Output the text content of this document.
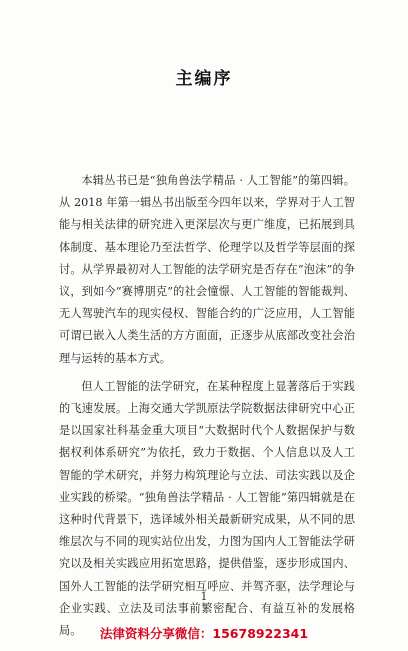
主编序

本辑丛书已是“独角兽法学精品 · 人工智能”的第四辑。从 2018 年第一辑丛书出版至今四年以来，学界对于人工智能与相关法律的研究进入更深层次与更广维度，已拓展到具体制度、基本理论乃至法哲学、伦理学以及哲学等层面的探讨。从学界最初对人工智能的法学研究是否存在“泡沫”的争议，到如今“赛博朋克”的社会憧憬、人工智能的智能裁判、无人驾驶汽车的现实侵权、智能合约的广泛应用，人工智能可谓已嵌入人类生活的方方面面，正逐步从底部改变社会治理与运转的基本方式。

但人工智能的法学研究，在某种程度上显著落后于实践的飞速发展。上海交通大学凯原法学院数据法律研究中心正是以国家社科基金重大项目“大数据时代个人数据保护与数据权利体系研究”为依托，致力于数据、个人信息以及人工智能的学术研究，并努力构筑理论与立法、司法实践以及企业实践的桥梁。“独角兽法学精品 · 人工智能”第四辑就是在这种时代背景下，选译域外相关最新研究成果，从不同的思维层次与不同的现实站位出发，力图为国内人工智能法学研究以及相关实践应用拓宽思路，提供借鉴，逐步形成国内、国外人工智能的法学研究相互呼应、并驾齐驱，法学理论与企业实践、立法及司法事前繁密配合、有益互补的发展格局。

1
法律资料分享微信：15678922341
